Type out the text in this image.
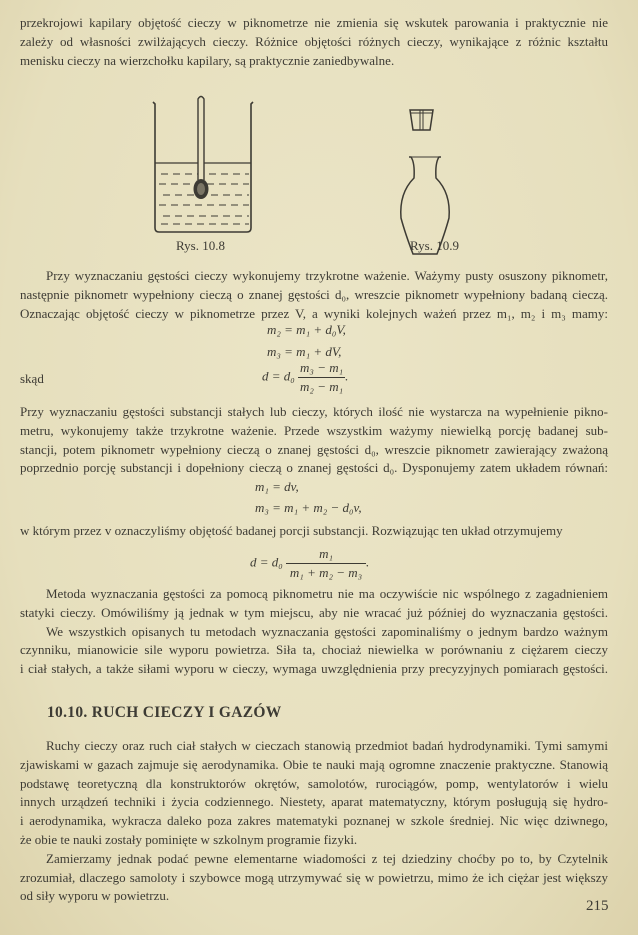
przekrojowi kapilary objętość cieczy w piknometrze nie zmienia się wskutek parowania i praktycznie nie
zależy od własności zwilżających cieczy. Różnice objętości różnych cieczy, wynikające z różnic kształtu
menisku cieczy na wierzchołku kapilary, są praktycznie zaniedbywalne.
Rys. 10.8	Rys. 10.9
Przy wyznaczaniu gęstości cieczy wykonujemy trzykrotne ważenie. Ważymy pusty osuszony piknometr,
następnie piknometr wypełniony cieczą o znanej gęstości d₀, wreszcie piknometr wypełniony badaną cieczą.
Oznaczając objętość cieczy w piknometrze przez V, a wyniki kolejnych ważeń przez m₁, m₂ i m₃ mamy:
m₂ = m₁ + d₀V,
m₃ = m₁ + dV,
skąd	$d = d_0 \frac{\text{m₃ − m₁}}{\text{m₂ − m₁}}$ .
Przy wyznaczaniu gęstości substancji stałych lub cieczy, których ilość nie wystarcza na wypełnienie pikno-
metru, wykonujemy także trzykrotne ważenie. Przede wszystkim ważymy niewielką porcję badanej sub-
stancji, potem piknometr wypełniony cieczą o znanej gęstości d₀, wreszcie piknometr zawierający zważoną
poprzednio porcję substancji i dopełniony cieczą o znanej gęstości d₀. Dysponujemy zatem układem równań:
m₁ = dv,
m₃ = m₁ + m₂ − d₀v,
w którym przez v oznaczyliśmy objętość badanej porcji substancji. Rozwiązując ten układ otrzymujemy
$d = d_0 \frac{\text{m₁}}{\text{m₁ + m₂ − m₃}}$ .
Metoda wyznaczania gęstości za pomocą piknometru nie ma oczywiście nic wspólnego z zagadnieniem
statyki cieczy. Omówiliśmy ją jednak w tym miejscu, aby nie wracać już później do wyznaczania gęstości.
We wszystkich opisanych tu metodach wyznaczania gęstości zapominaliśmy o jednym bardzo ważnym
czynniku, mianowicie sile wyporu powietrza. Siła ta, chociaż niewielka w porównaniu z ciężarem cieczy
i ciał stałych, a także siłami wyporu w cieczy, wymaga uwzględnienia przy precyzyjnych pomiarach gęstości.
10.10. RUCH CIECZY I GAZÓW
Ruchy cieczy oraz ruch ciał stałych w cieczach stanowią przedmiot badań hydrodynamiki. Tymi samymi
zjawiskami w gazach zajmuje się aerodynamika. Obie te nauki mają ogromne znaczenie praktyczne. Stanowią
podstawę teoretyczną dla konstruktorów okrętów, samolotów, rurociągów, pomp, wentylatorów i wielu
innych urządzeń techniki i życia codziennego. Niestety, aparat matematyczny, którym posługują się hydro-
i aerodynamika, wykracza daleko poza zakres matematyki poznanej w szkole średniej. Nic więc dziwnego,
że obie te nauki zostały pominięte w szkolnym programie fizyki.
Zamierzamy jednak podać pewne elementarne wiadomości z tej dziedziny choćby po to, by Czytelnik
zrozumiał, dlaczego samoloty i szybowce mogą utrzymywać się w powietrzu, mimo że ich ciężar jest większy
od siły wyporu w powietrzu.
215
